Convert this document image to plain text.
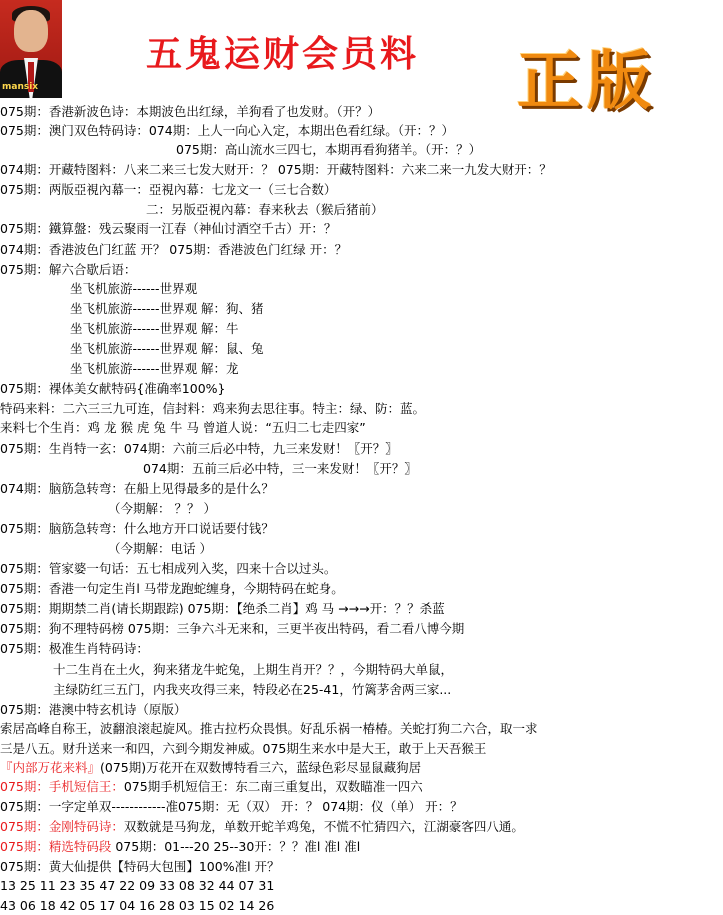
mansix
五鬼运财会员料 正版
075期：香港新波色诗：本期波色出红绿，羊狗看了也发财。（开？）
075期：澳门双色特码诗：074期：上人一向心入定，本期出色看红绿。（开：？）
075期：高山流水三四七，本期再看狗猪羊。（开：？）
074期：开藏特图料：八来二来三七发大财开：？ 075期：开藏特图料：六来二来一九发大财开：？
075期：两版亞視內幕一：亞視內幕：七龙文一（三七合数）
二：另版亞視內幕：春来秋去（猴后猪前）
075期：鐵算盤：残云聚雨一江春（神仙讨酒空千古）开：？
074期：香港波色门红蓝 开？ 075期：香港波色门红绿 开：？
075期：解六合歇后语：
坐飞机旅游------世界观
坐飞机旅游------世界观 解：狗、猪
坐飞机旅游------世界观 解：牛
坐飞机旅游------世界观 解：鼠、兔
坐飞机旅游------世界观 解：龙
075期：裸体美女献特码{准确率100%}
特码来料：二六三三九可连，信封料：鸡来狗去思往事。特主：绿、防：蓝。
来料七个生肖：鸡 龙 猴 虎 兔 牛 马 曾道人说：“五归二七走四家”
075期：生肖特一玄：074期：六前三后必中特，九三来发财！〖开？〗
074期：五前三后必中特，三一来发财！〖开？〗
074期：脑筋急转弯：在船上见得最多的是什么？
（今期解： ？？ ）
075期：脑筋急转弯：什么地方开口说话要付钱？
（今期解：电话 ）
075期：管家婆一句话：五七相成列入奖，四来十合以过头。
075期：香港一句定生肖l 马带龙跑蛇缠身，今期特码在蛇身。
075期：期期禁二肖(请长期跟踪) 075期：【绝杀二肖】鸡 马 →→→开：？？杀蓝
075期：狗不理特码榜 075期：三争六斗无来和，三更半夜出特码，看二看八博今期
075期：极准生肖特码诗：
十二生肖在土火，狗来猪龙牛蛇兔，上期生肖开？？，今期特码大单鼠，
主绿防红三五门，内我夹攻得三来，特段必在25-41，竹篱茅舍两三家...
075期：港澳中特玄机诗（原版）
索居高峰自称王，波翻浪滚起旋风。推古拉朽众畏惧。好乱乐祸一椿椿。关蛇打狗二六合，取一求
三是八五。财升送来一和四，六到今期发神威。075期生来水中是大王，敢于上天吾猴王
『内部万花来料』(075期)万花开在双数博特看三六，蓝绿色彩尽显鼠藏狗居
075期：手机短信王：075期手机短信王：东二南三重复出，双数瞄准一四六
075期：金刚特码诗：双数就是马狗龙，单数开蛇羊鸡兔，不慌不忙猜四六，江湖豪客四八通。
075期：精选特码段 075期：01---20 25--30开：？？准l 准l 准l
075期：一字定单双------------准075期：无（双） 开：？ 074期：仪（单） 开：？
075期：黄大仙提供【特码大包围】100%准l 开？
13 25 11 23 35 47 22 09 33 08 32 44 07 31
43 06 18 42 05 17 04 16 28 03 15 02 14 26
